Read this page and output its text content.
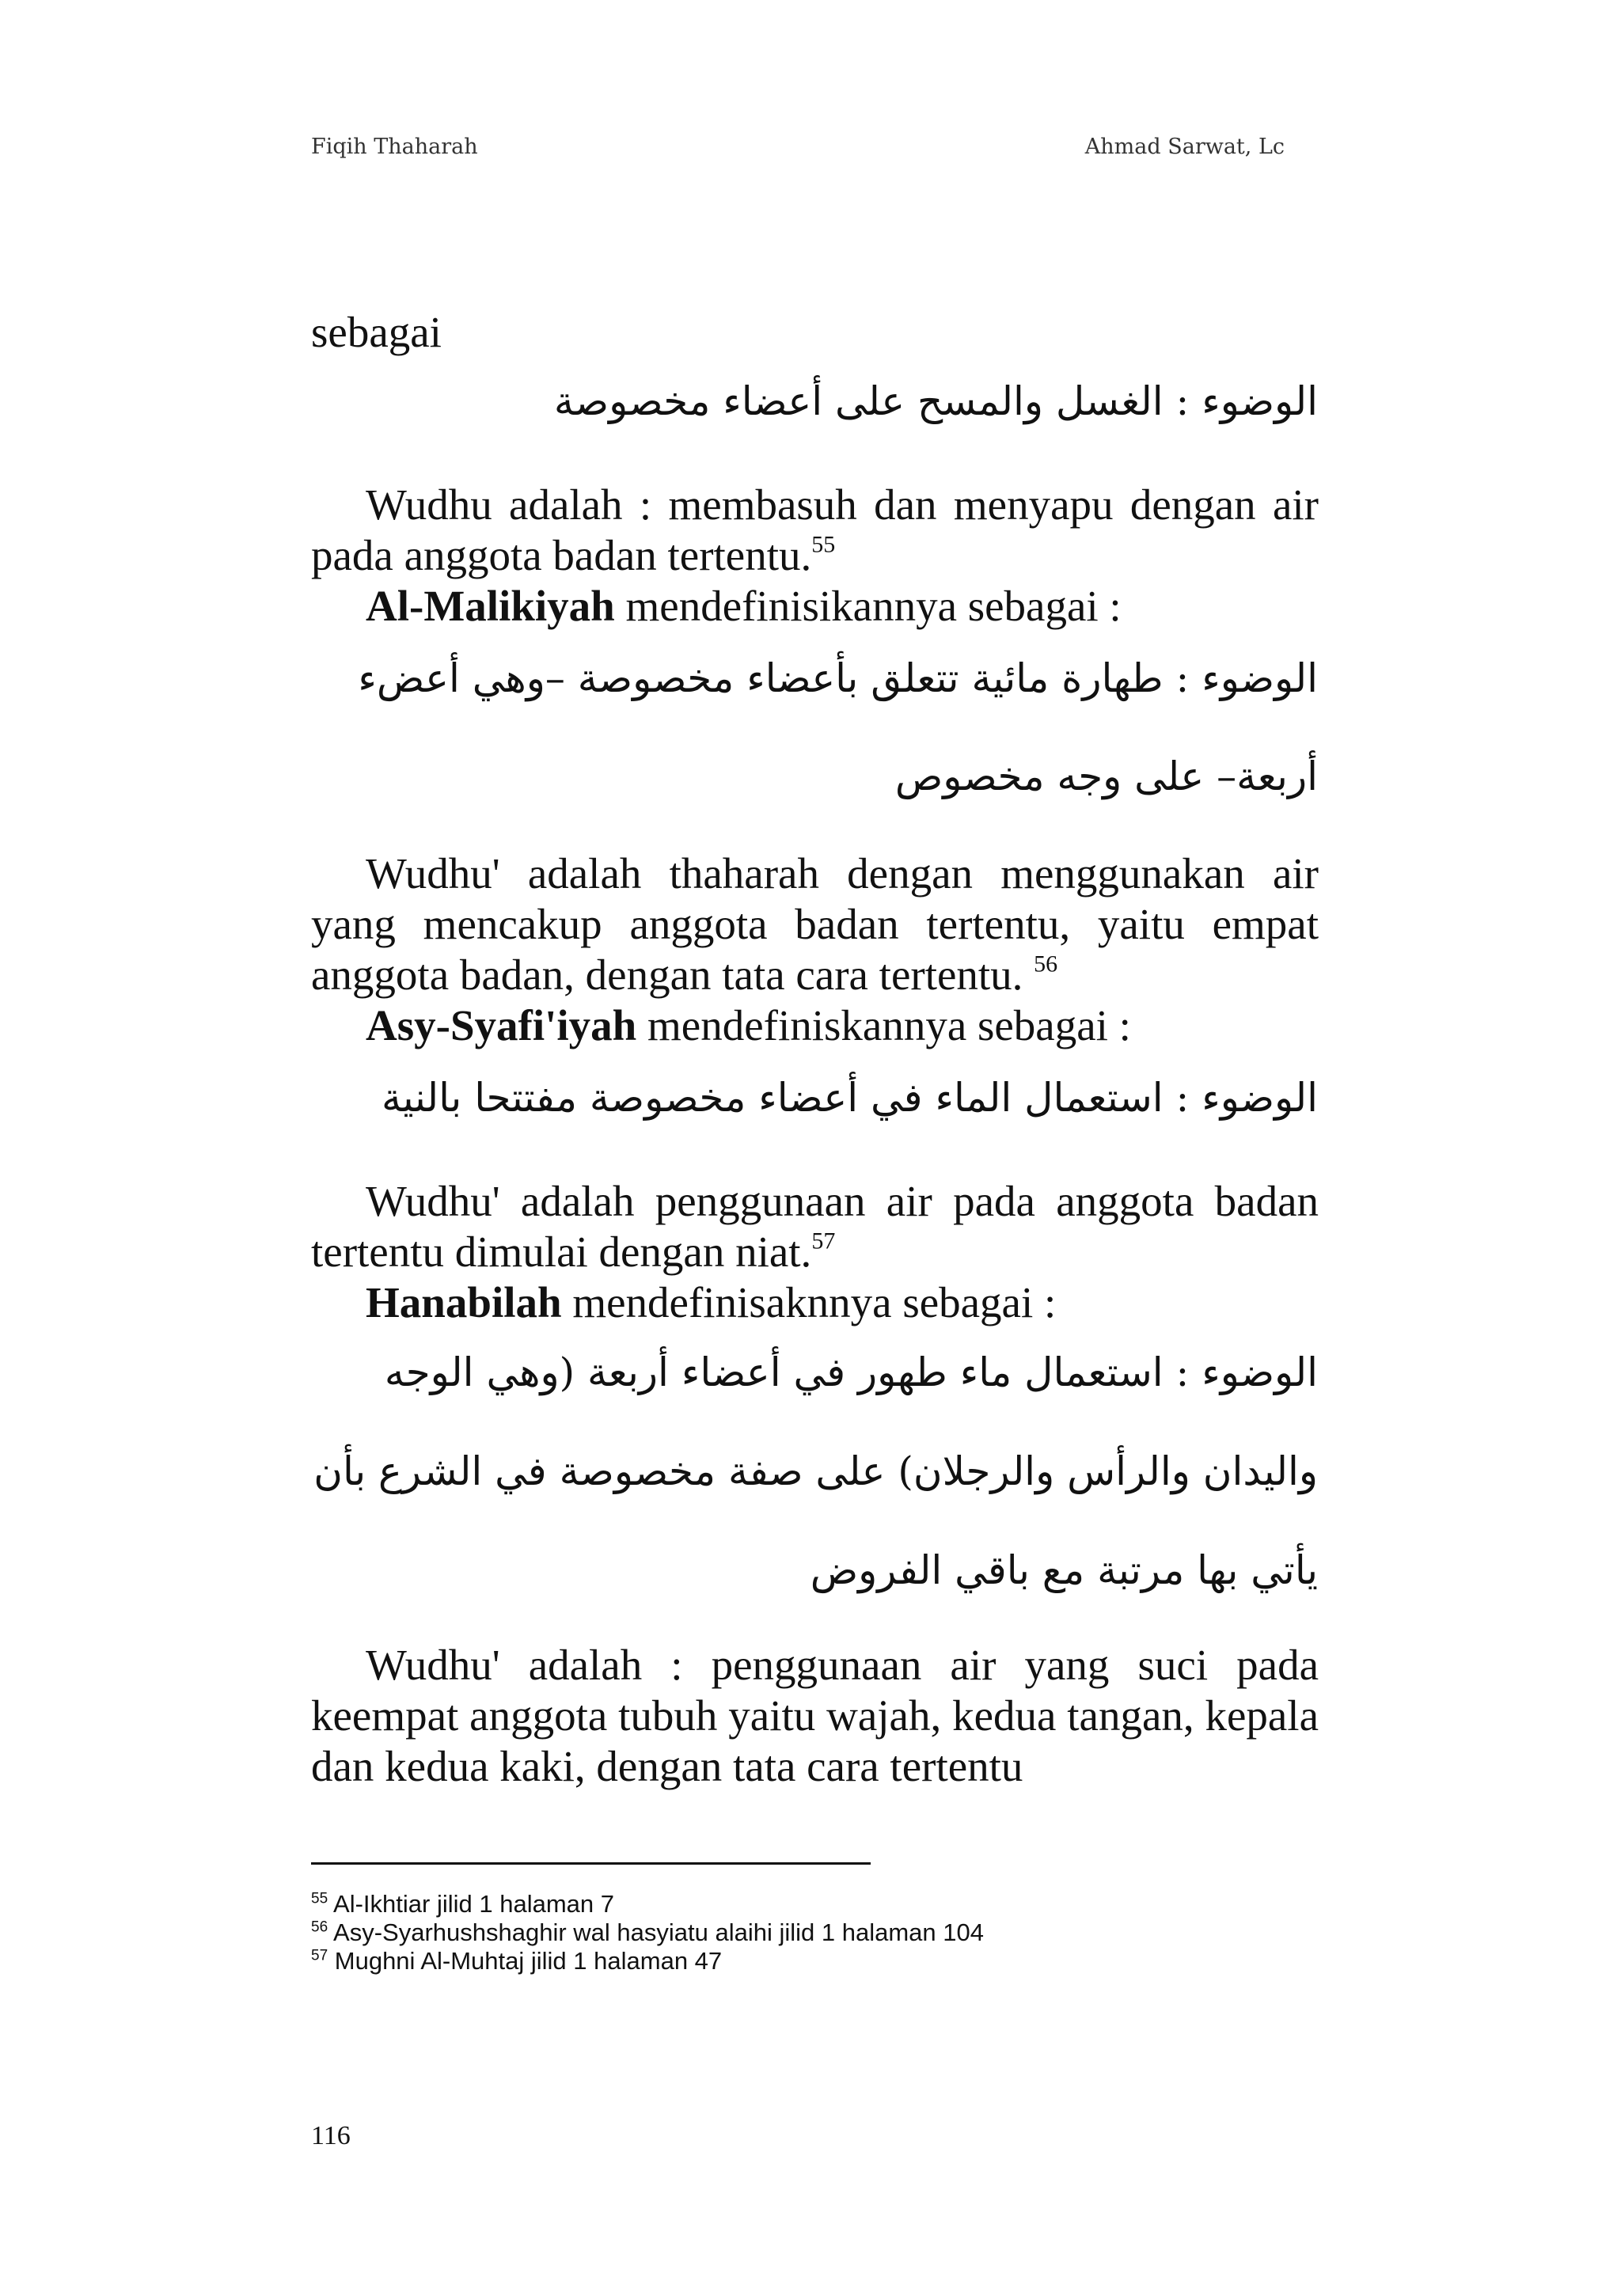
Fiqih Thaharah	Ahmad Sarwat, Lc

sebagai

الوضوء : الغسل والمسح على أعضاء مخصوصة

Wudhu adalah : membasuh dan menyapu dengan air pada anggota badan tertentu.$^{55}$

Al-Malikiyah mendefinisikannya sebagai :

الوضوء : طهارة مائية تتعلق بأعضاء مخصوصة –وهي أعضء
أربعة– على وجه مخصوص

Wudhu' adalah thaharah dengan menggunakan air yang mencakup anggota badan tertentu, yaitu empat anggota badan, dengan tata cara tertentu. $^{56}$

Asy-Syafi'iyah mendefiniskannya sebagai :

الوضوء : استعمال الماء في أعضاء مخصوصة مفتتحا بالنية

Wudhu' adalah penggunaan air pada anggota badan tertentu dimulai dengan niat.$^{57}$

Hanabilah mendefinisaknnya sebagai :

الوضوء : استعمال ماء طهور في أعضاء أربعة (وهي الوجه
واليدان والرأس والرجلان) على صفة مخصوصة في الشرع بأن
يأتي بها مرتبة مع باقي الفروض

Wudhu' adalah : penggunaan air yang suci pada keempat anggota tubuh yaitu wajah, kedua tangan, kepala dan kedua kaki, dengan tata cara tertentu

$^{55}$ Al-Ikhtiar jilid 1 halaman 7
$^{56}$ Asy-Syarhushshaghir wal hasyiatu alaihi jilid 1 halaman 104
$^{57}$ Mughni Al-Muhtaj jilid 1 halaman 47
116
